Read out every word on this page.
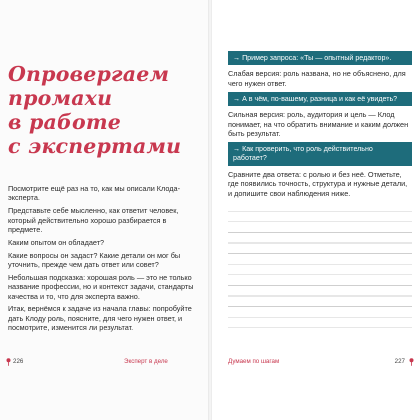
Опровергаем
промахи
в работе
с экспертами

Посмотрите ещё раз на то, как мы описали Клода-эксперта.

Представьте себе мысленно, как ответит человек, который действительно хорошо разбирается в предмете.

Каким опытом он обладает?

Какие вопросы он задаст? Какие детали он мог бы уточнить, прежде чем дать ответ или совет?

Небольшая подсказка: хорошая роль — это не только название профессии, но и контекст задачи, стандарты качества и то, что для эксперта важно.

Итак, вернёмся к задаче из начала главы: попробуйте дать Клоду роль, поясните, для чего нужен ответ, и посмотрите, изменится ли результат.

→ Пример запроса: «Ты — опытный редактор».

Слабая версия: роль названа, но не объяснено, для чего нужен ответ.

→ А в чём, по-вашему, разница и как её увидеть?

Сильная версия: роль, аудитория и цель — Клод понимает, на что обратить внимание и каким должен быть результат.

→ Как проверить, что роль действительно работает?

Сравните два ответа: с ролью и без неё. Отметьте, где появились точность, структура и нужные детали, и допишите свои наблюдения ниже.

226	Эксперт в деле	Думаем по шагам	227
